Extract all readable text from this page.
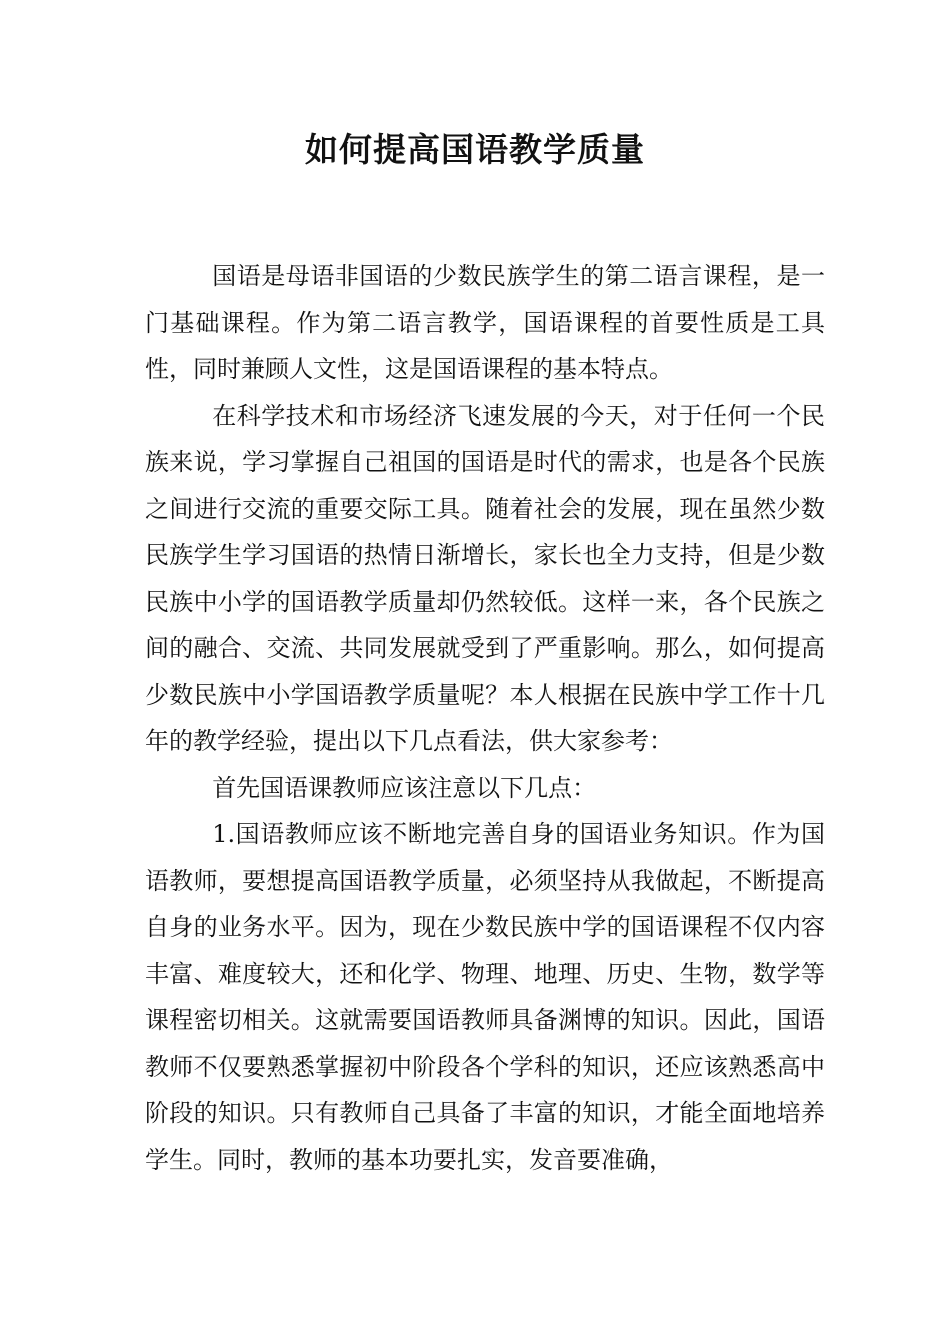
如何提高国语教学质量

国语是母语非国语的少数民族学生的第二语言课程，是一门基础课程。作为第二语言教学，国语课程的首要性质是工具性，同时兼顾人文性，这是国语课程的基本特点。

在科学技术和市场经济飞速发展的今天，对于任何一个民族来说，学习掌握自己祖国的国语是时代的需求，也是各个民族之间进行交流的重要交际工具。随着社会的发展，现在虽然少数民族学生学习国语的热情日渐增长，家长也全力支持，但是少数民族中小学的国语教学质量却仍然较低。这样一来，各个民族之间的融合、交流、共同发展就受到了严重影响。那么，如何提高少数民族中小学国语教学质量呢？本人根据在民族中学工作十几年的教学经验，提出以下几点看法，供大家参考：

首先国语课教师应该注意以下几点：

1.国语教师应该不断地完善自身的国语业务知识。作为国语教师，要想提高国语教学质量，必须坚持从我做起，不断提高自身的业务水平。因为，现在少数民族中学的国语课程不仅内容丰富、难度较大，还和化学、物理、地理、历史、生物，数学等课程密切相关。这就需要国语教师具备渊博的知识。因此，国语教师不仅要熟悉掌握初中阶段各个学科的知识，还应该熟悉高中阶段的知识。只有教师自己具备了丰富的知识，才能全面地培养学生。同时，教师的基本功要扎实，发音要准确，
